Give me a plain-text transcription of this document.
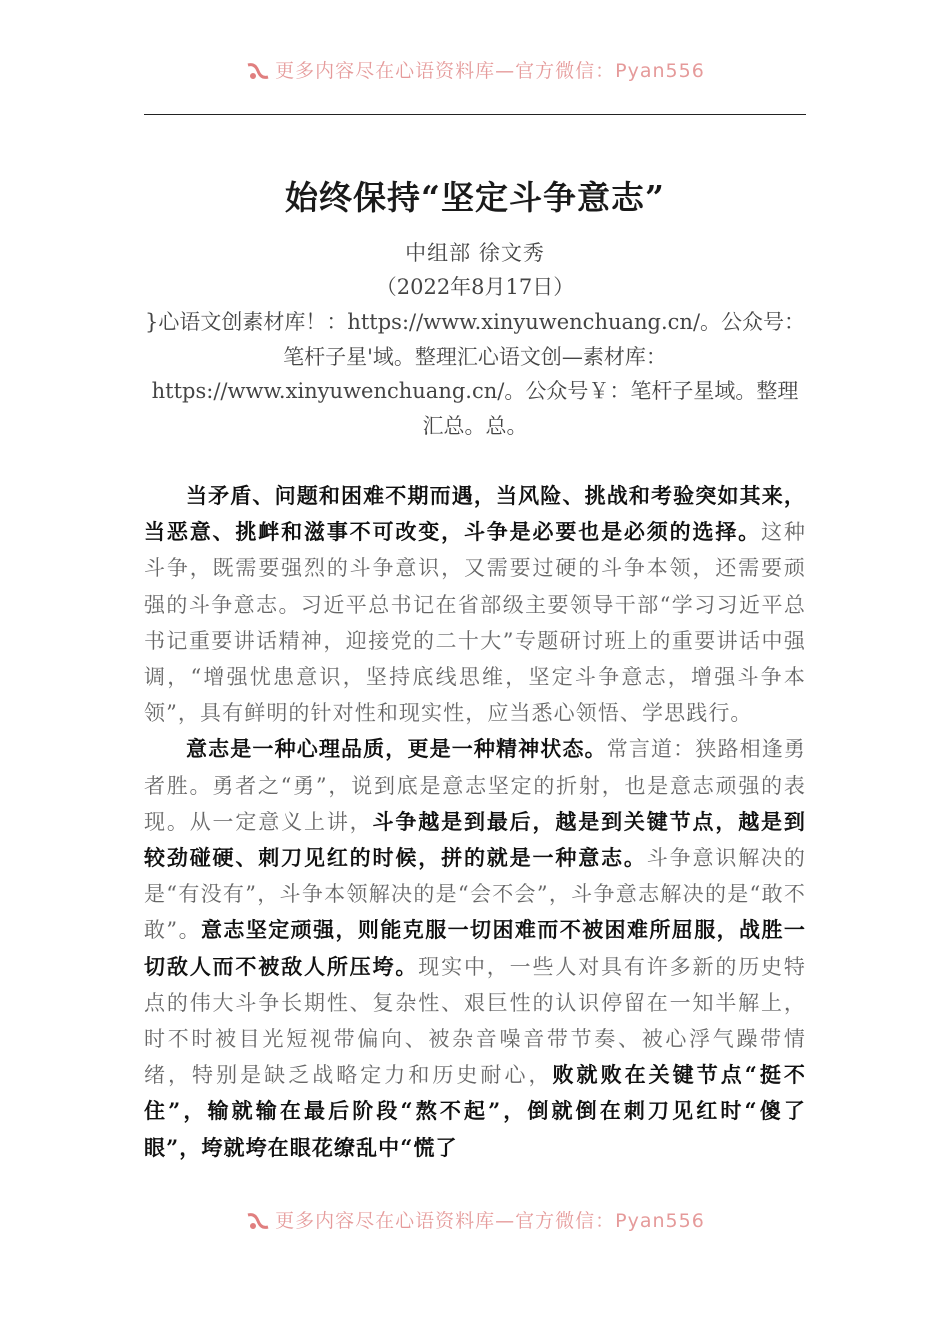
更多内容尽在心语资料库—官方微信：Pyan556
始终保持“坚定斗争意志”
中组部 徐文秀
（2022年8月17日）
}心语文创素材库！：https://www.xinyuwenchuang.cn/。公众号：笔杆子星'域。整理汇心语文创—素材库：https://www.xinyuwenchuang.cn/。公众号￥：笔杆子星域。整理汇总。总。

当矛盾、问题和困难不期而遇，当风险、挑战和考验突如其来，当恶意、挑衅和滋事不可改变，斗争是必要也是必须的选择。这种斗争，既需要强烈的斗争意识，又需要过硬的斗争本领，还需要顽强的斗争意志。习近平总书记在省部级主要领导干部“学习习近平总书记重要讲话精神，迎接党的二十大”专题研讨班上的重要讲话中强调，“增强忧患意识，坚持底线思维，坚定斗争意志，增强斗争本领”，具有鲜明的针对性和现实性，应当悉心领悟、学思践行。

意志是一种心理品质，更是一种精神状态。常言道：狭路相逢勇者胜。勇者之“勇”，说到底是意志坚定的折射，也是意志顽强的表现。从一定意义上讲，斗争越是到最后，越是到关键节点，越是到较劲碰硬、刺刀见红的时候，拼的就是一种意志。斗争意识解决的是“有没有”，斗争本领解决的是“会不会”，斗争意志解决的是“敢不敢”。意志坚定顽强，则能克服一切困难而不被困难所屈服，战胜一切敌人而不被敌人所压垮。现实中，一些人对具有许多新的历史特点的伟大斗争长期性、复杂性、艰巨性的认识停留在一知半解上，时不时被目光短视带偏向、被杂音噪音带节奏、被心浮气躁带情绪，特别是缺乏战略定力和历史耐心，败就败在关键节点“挺不住”，输就输在最后阶段“熬不起”，倒就倒在刺刀见红时“傻了眼”，垮就垮在眼花缭乱中“慌了

更多内容尽在心语资料库—官方微信：Pyan556
